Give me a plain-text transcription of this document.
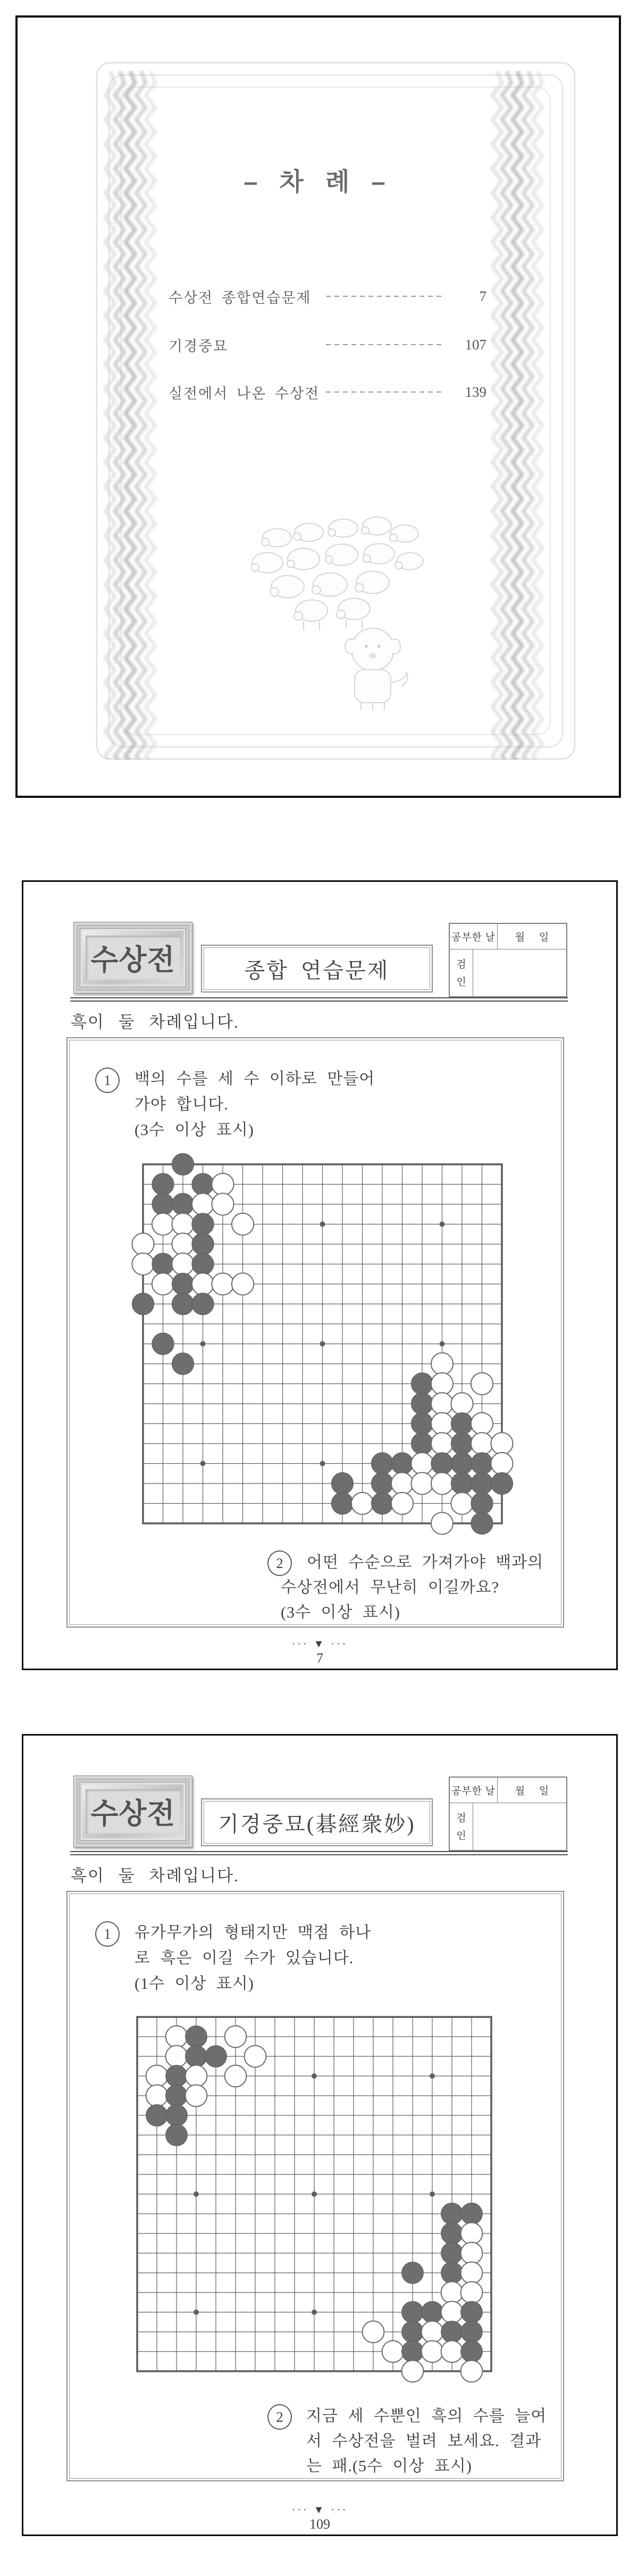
– 차 례 –
수상전 종합연습문제	7
기경중묘	107
실전에서 나온 수상전	139
수상전	종합 연습문제
공부한 날 월 일
검
인
흑이 둘 차례입니다.
1	백의 수를 세 수 이하로 만들어
가야 합니다.
(3수 이상 표시)
2	어떤 수순으로 가져가야 백과의
수상전에서 무난히 이길까요?
(3수 이상 표시)
··· ▼ ···
7
수상전	기경중묘(碁經衆妙)
공부한 날 월 일
검
인
흑이 둘 차례입니다.
1	유가무가의 형태지만 맥점 하나
로 흑은 이길 수가 있습니다.
(1수 이상 표시)
2	지금 세 수뿐인 흑의 수를 늘여
서 수상전을 벌려 보세요. 결과
는 패.(5수 이상 표시)
··· ▼ ···
109
